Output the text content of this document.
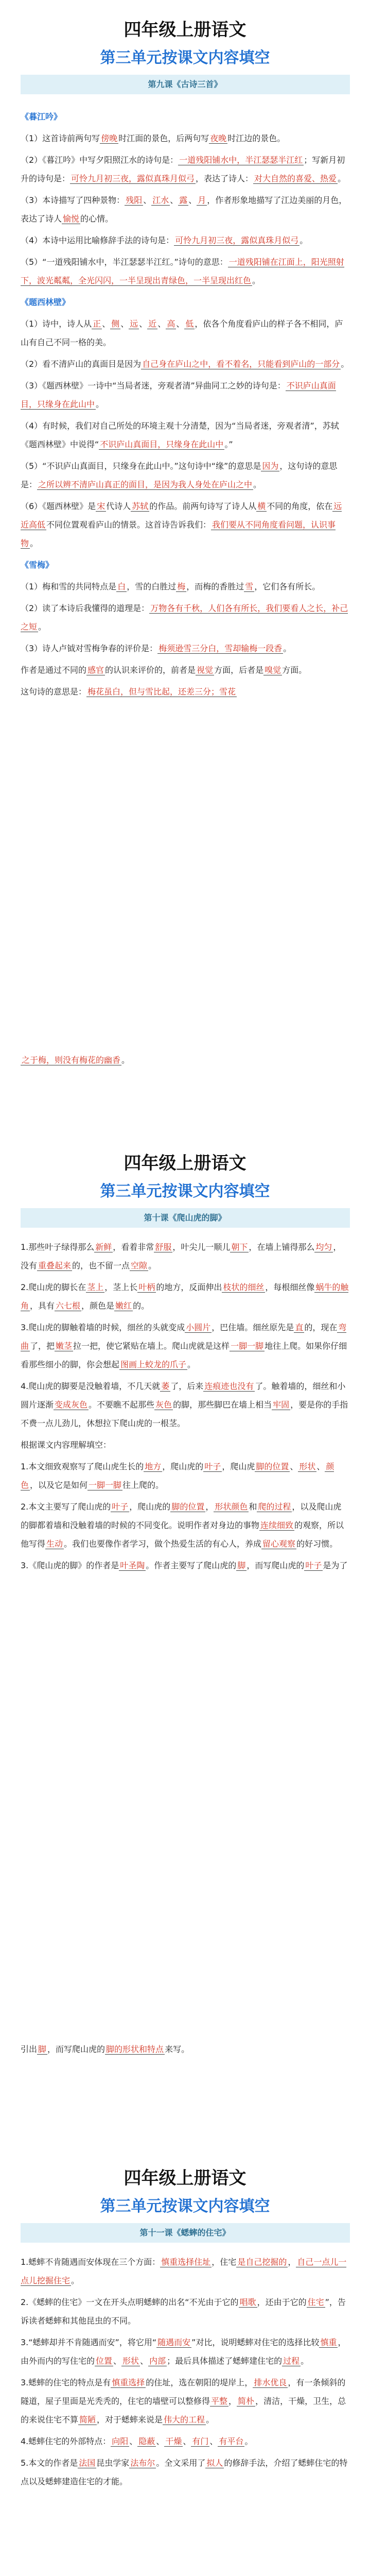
四年级上册语文
第三单元按课文内容填空
第九课《古诗三首》
《暮江吟》
（1）这首诗前两句写 傍晚 时江面的景色，后两句写 夜晚 时江边的景色。
（2）《暮江吟》中写夕阳照江水的诗句是： 一道残阳铺水中，半江瑟瑟半江红 ；写新月初升的诗句是： 可怜九月初三夜，露似真珠月似弓 ，表达了诗人： 对大自然的喜爱、热爱 。
（3）本诗描写了四种景物： 残阳 、 江水 、 露 、 月 ，作者形象地描写了江边美丽的月色，表达了诗人 愉悦 的心情。
（4）本诗中运用比喻修辞手法的诗句是： 可怜九月初三夜，露似真珠月似弓 。
（5）“一道残阳铺水中，半江瑟瑟半江红。”诗句的意思： 一道残阳铺在江面上，阳光照射下，波光粼粼，全光闪闪，一半呈现出青绿色，一半呈现出红色 。
《题西林壁》
（1）诗中，诗人从 正 、 侧 、 远 、 近 、 高 、 低 ，依各个角度看庐山的样子各不相同，庐山有自己不同一格的美。
（2）看不清庐山的真面目是因为 自己身在庐山之中，看不着名，只能看到庐山的一部分 。
（3）《题西林壁》一诗中“当局者迷，旁观者清”异曲同工之妙的诗句是： 不识庐山真面目，只缘身在此山中 。
（4）有时候，我们对自己所处的环境主观十分清楚，因为“当局者迷，旁观者清”，苏轼《题西林壁》中说得“ 不识庐山真面目，只缘身在此山中 。”
（5）“不识庐山真面目，只缘身在此山中。”这句诗中“缘”的意思是 因为 ，这句诗的意思是： 之所以辨不清庐山真正的面目，是因为我人身处在庐山之中 。
（6）《题西林壁》是 宋 代诗人 苏轼 的作品。前两句诗写了诗人从 横 不同的角度，依在 远近高低 不同位置观看庐山的情景。这首诗告诉我们： 我们要从不同角度看问题，认识事物 。
《雪梅》
（1）梅和雪的共同特点是 白 ，雪的白胜过 梅 ，而梅的香胜过 雪 ，它们各有所长。
（2）读了本诗后我懂得的道理是： 万物各有千秋，人们各有所长，我们要看人之长，补己之短 。
（3）诗人卢钺对雪梅争春的评价是： 梅须逊雪三分白，雪却输梅一段香 。
作者是通过不同的 感官 的认识来评价的，前者是 视觉 方面，后者是 嗅觉 方面。
这句诗的意思是： 梅花虽白，但与雪比起，还差三分；雪花
之于梅，则没有梅花的幽香 。
四年级上册语文
第三单元按课文内容填空
第十课《爬山虎的脚》
1.那些叶子绿得那么 新鲜 ，看着非常 舒服 ，叶尖儿一顺儿 朝下 ，在墙上铺得那么 均匀 ，没有 重叠起来 的，也不留一点 空隙 。
2.爬山虎的脚长在 茎上 ，茎上长 叶柄 的地方，反面伸出 枝状的细丝 ，每根细丝像 蜗牛的触角 ，具有 六七根 ，颜色是 嫩红 的。
3.爬山虎的脚触着墙的时候，细丝的头就变成 小圆片 ，巴住墙。细丝原先是 直 的，现在 弯曲 了，把 嫩茎 拉一把，使它紧贴在墙上。爬山虎就是这样 一脚一脚 地往上爬。如果你仔细看那些细小的脚，你会想起 图画上蛟龙的爪子 。
4.爬山虎的脚要是没触着墙，不几天就 萎 了，后来 连痕迹也没有 了。触着墙的，细丝和小圆片逐渐 变成灰色 。不要瞧不起那些 灰色 的脚，那些脚巴在墙上相当 牢固 ，要是你的手指不费一点儿劲儿，休想拉下爬山虎的一根茎。
根据课文内容理解填空：
1.本文细致观察写了爬山虎生长的 地方 ，爬山虎的 叶子 ，爬山虎 脚的位置 、 形状 、 颜色 ，以及它是如何 一脚一脚 往上爬的。
2.本文主要写了爬山虎的 叶子 ，爬山虎的 脚的位置 ， 形状颜色 和 爬的过程 ，以及爬山虎的脚都着墙和没触着墙的时候的不同变化。说明作者对身边的事物 连续细致 的观察，所以他写得 生动 。我们也要像作者学习，做个热爱生活的有心人，养成 留心观察 的好习惯。
3.《爬山虎的脚》的作者是 叶圣陶 。作者主要写了爬山虎的 脚 ，而写爬山虎的 叶子 是为了
引出 脚 ，而写爬山虎的 脚的形状和特点 来写。
四年级上册语文
第三单元按课文内容填空
第十一课《蟋蟀的住宅》
1.蟋蟀不肯随遇而安体现在三个方面： 慎重选择住址 ，住宅 是自己挖掘的 ， 自己一点儿一点儿挖掘住宅 。
2.《蟋蟀的住宅》一文在开头点明蟋蟀的出名“不光由于它的 唱歌 ，还由于它的 住宅 ”，告诉读者蟋蟀和其他昆虫的不同。
3.“蟋蟀却并不肯随遇而安”，将它用“ 随遇而安 ”对比，说明蟋蟀对住宅的选择比较 慎重 ，由外而内的写住宅的 位置 、 形状 、 内部 ；最后具体描述了蟋蟀建住宅的 过程 。
3.蟋蟀的住宅的特点是有 慎重选择 的住址，选在朝阳的堤岸上， 排水优良 ，有一条倾斜的隧道，屋子里面是光秃秃的，住宅的墙壁可以整修得 平整 ， 简朴 ，清洁，干燥，卫生，总的来说住宅不算 简陋 ，对于蟋蟀来说是 伟大的工程 。
4.蟋蟀住宅的外部特点： 向阳 、 隐蔽 、 干燥 、 有门 、 有平台 。
5.本文的作者是 法国 昆虫学家 法布尔 。全文采用了 拟人 的修辞手法，介绍了蟋蟀住宅的特点以及蟋蟀建造住宅的才能。
